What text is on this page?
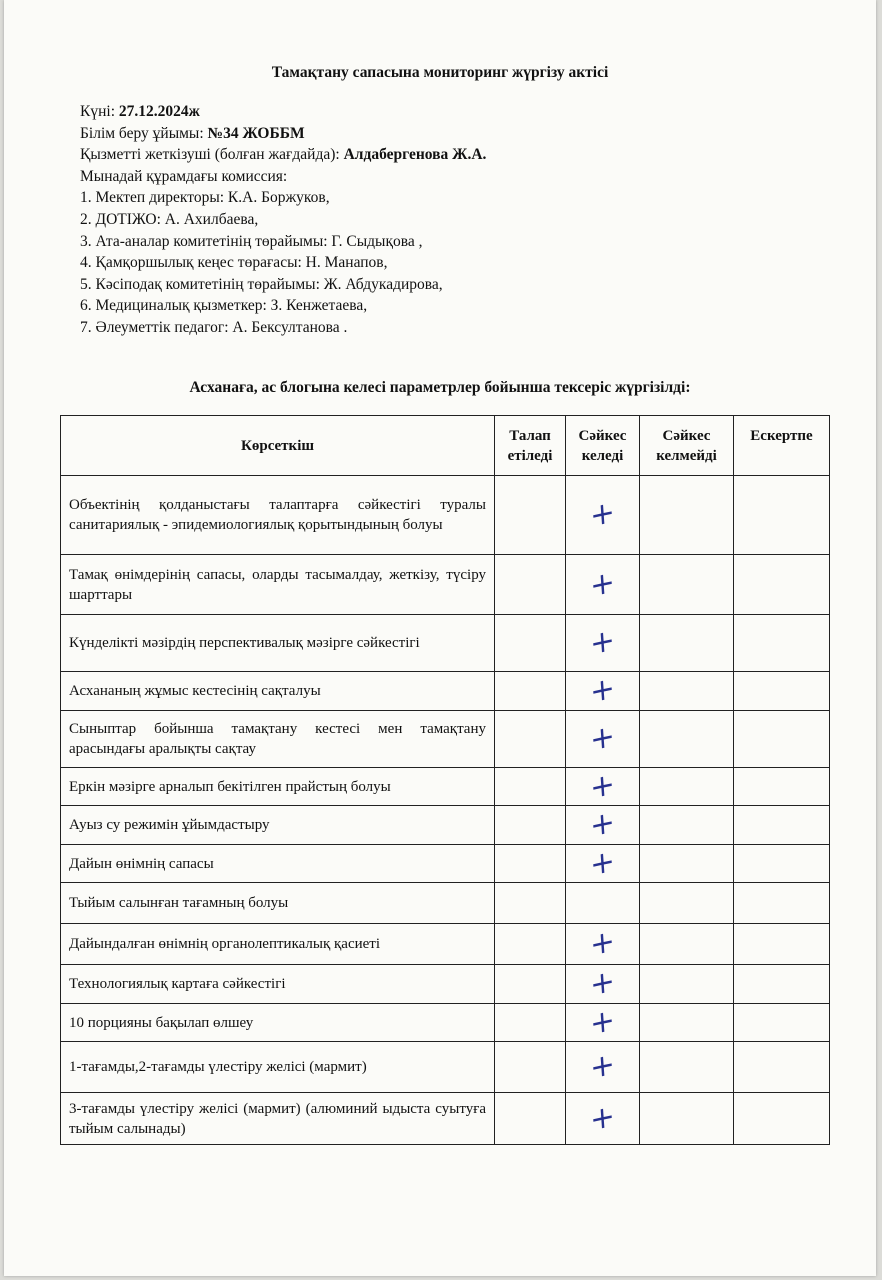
Тамақтану сапасына мониторинг жүргізу актісі
Күні: 27.12.2024ж
Білім беру ұйымы: №34 ЖОББМ
Қызметті жеткізуші (болған жағдайда): Алдабергенова Ж.А.
Мынадай құрамдағы комиссия:
1. Мектеп директоры: К.А. Боржуков,
2. ДОТІЖО: А. Ахилбаева,
3. Ата-аналар комитетінің төрайымы: Г. Сыдықова ,
4. Қамқоршылық кеңес төрағасы: Н. Манапов,
5. Кәсіподақ комитетінің төрайымы: Ж. Абдукадирова,
6. Медициналық қызметкер: З. Кенжетаева,
7. Әлеуметтік педагог: А. Бексултанова .
Асханаға, ас блогына келесі параметрлер бойынша тексеріс жүргізілді:
Көрсеткіш	Талап етіледі	Сәйкес келеді	Сәйкес келмейді	Ескертпе
Объектінің қолданыстағы талаптарға сәйкестігі туралы санитариялық - эпидемиологиялық қорытындының болуы		+		
Тамақ өнімдерінің сапасы, оларды тасымалдау, жеткізу, түсіру шарттары		+		
Күнделікті мәзірдің перспективалық мәзірге сәйкестігі		+		
Асхананың жұмыс кестесінің сақталуы		+		
Сыныптар бойынша тамақтану кестесі мен тамақтану арасындағы аралықты сақтау		+		
Еркін мәзірге арналып бекітілген прайстың болуы		+		
Ауыз су режимін ұйымдастыру		+		
Дайын өнімнің сапасы		+		
Тыйым салынған тағамның болуы				
Дайындалған өнімнің органолептикалық қасиеті		+		
Технологиялық картаға сәйкестігі		+		
10 порцияны бақылап өлшеу		+		
1-тағамды,2-тағамды үлестіру желісі (мармит)		+		
3-тағамды үлестіру желісі (мармит) (алюминий ыдыста суытуға тыйым салынады)		+		
